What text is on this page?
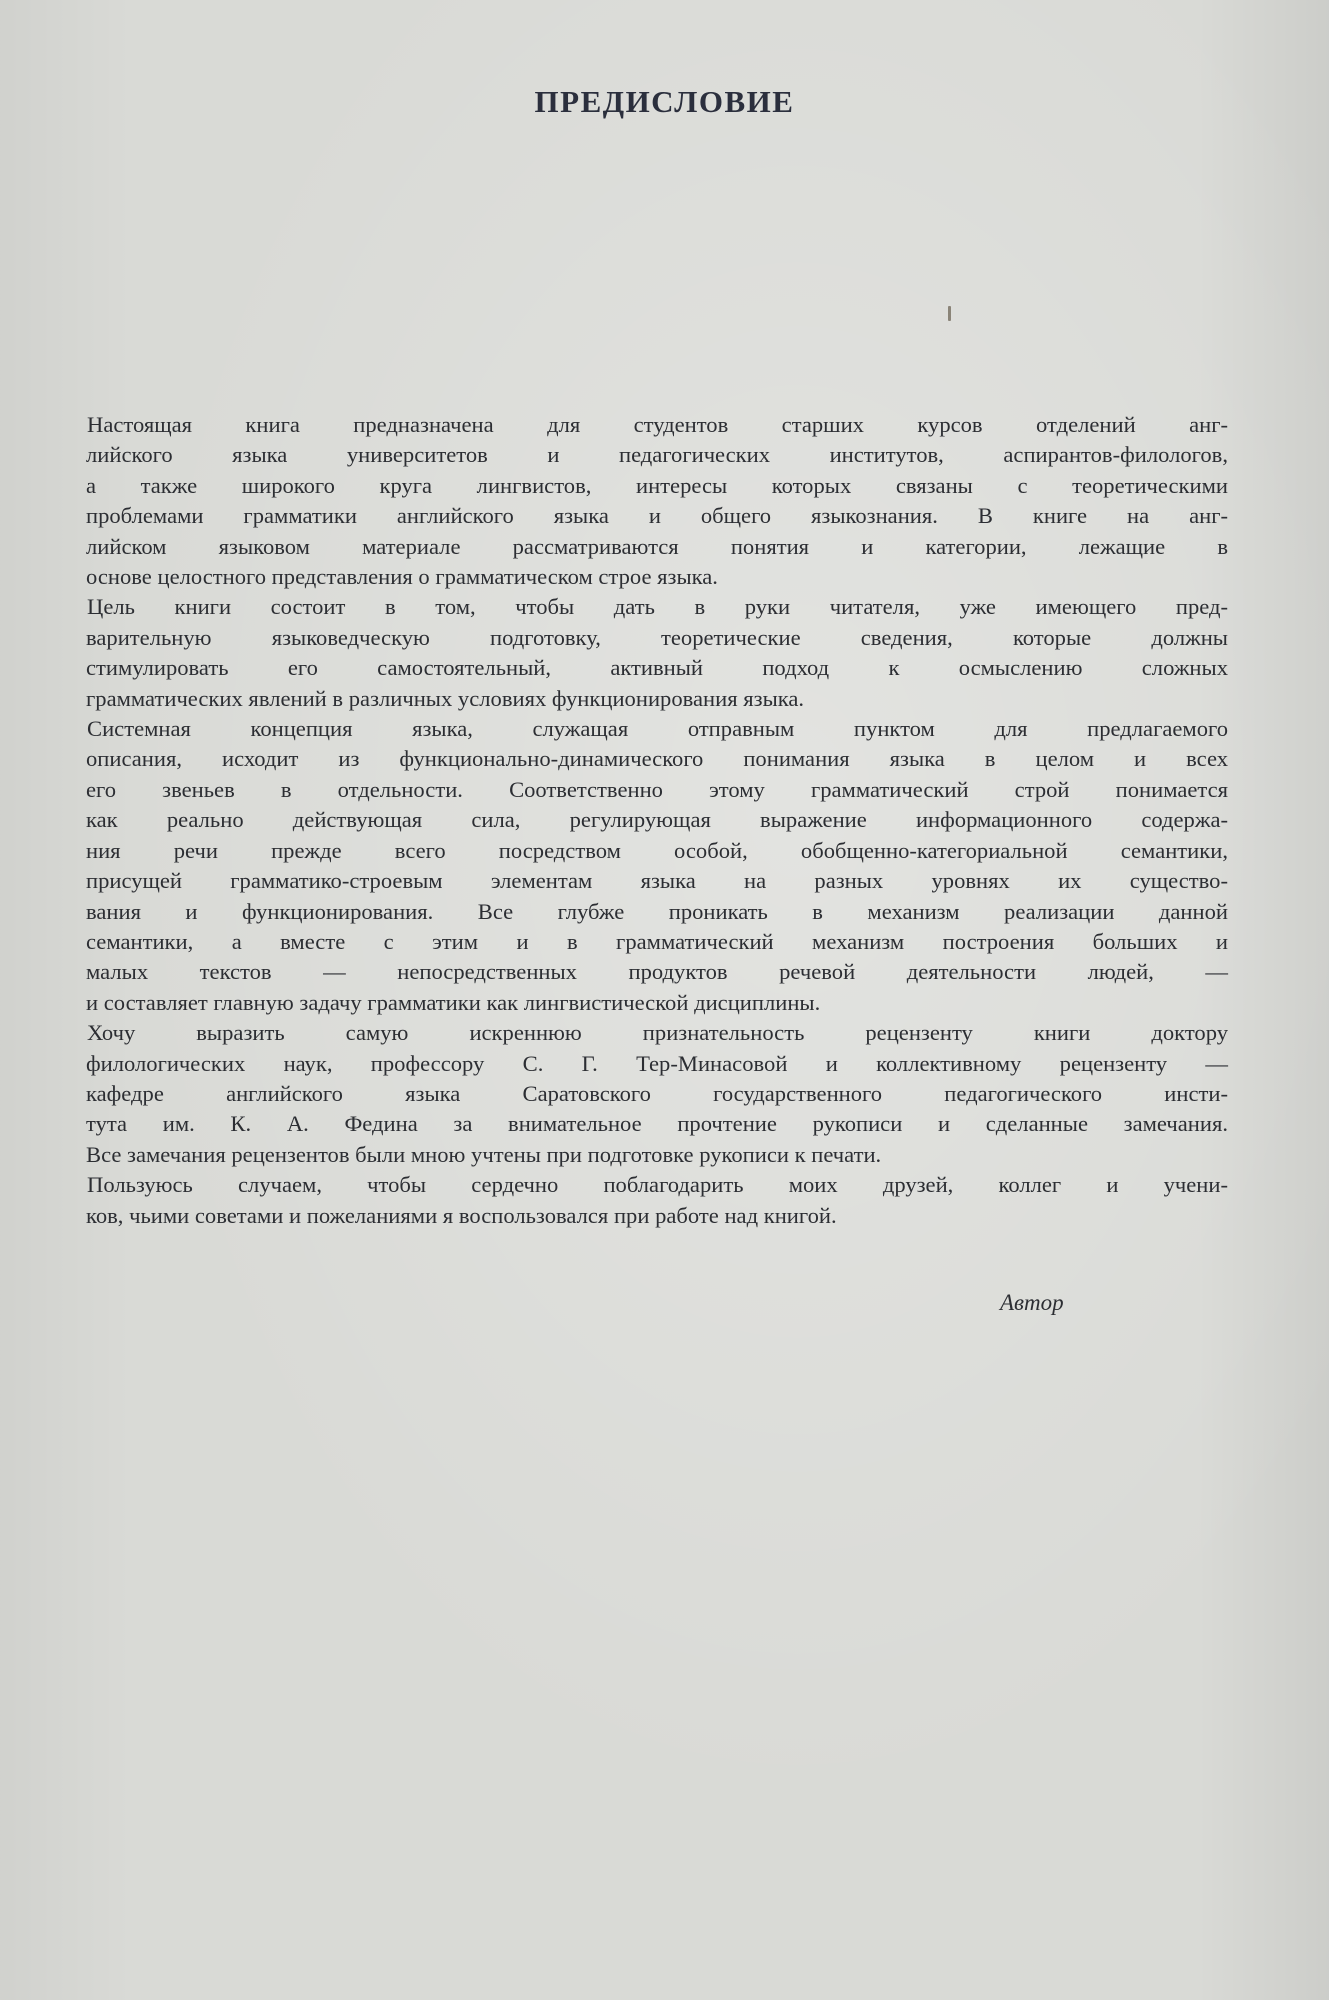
ПРЕДИСЛОВИЕ
Настоящая книга предназначена для студентов старших курсов отделений анг-
лийского языка университетов и педагогических институтов, аспирантов-филологов,
а также широкого круга лингвистов, интересы которых связаны с теоретическими
проблемами грамматики английского языка и общего языкознания. В книге на анг-
лийском языковом материале рассматриваются понятия и категории, лежащие в
основе целостного представления о грамматическом строе языка.
Цель книги состоит в том, чтобы дать в руки читателя, уже имеющего пред-
варительную языковедческую подготовку, теоретические сведения, которые должны
стимулировать его самостоятельный, активный подход к осмыслению сложных
грамматических явлений в различных условиях функционирования языка.
Системная концепция языка, служащая отправным пунктом для предлагаемого
описания, исходит из функционально-динамического понимания языка в целом и всех
его звеньев в отдельности. Соответственно этому грамматический строй понимается
как реально действующая сила, регулирующая выражение информационного содержа-
ния речи прежде всего посредством особой, обобщенно-категориальной семантики,
присущей грамматико-строевым элементам языка на разных уровнях их существо-
вания и функционирования. Все глубже проникать в механизм реализации данной
семантики, а вместе с этим и в грамматический механизм построения больших и
малых текстов — непосредственных продуктов речевой деятельности людей, —
и составляет главную задачу грамматики как лингвистической дисциплины.
Хочу выразить самую искреннюю признательность рецензенту книги доктору
филологических наук, профессору С. Г. Тер-Минасовой и коллективному рецензенту —
кафедре английского языка Саратовского государственного педагогического инсти-
тута им. К. А. Федина за внимательное прочтение рукописи и сделанные замечания.
Все замечания рецензентов были мною учтены при подготовке рукописи к печати.
Пользуюсь случаем, чтобы сердечно поблагодарить моих друзей, коллег и учени-
ков, чьими советами и пожеланиями я воспользовался при работе над книгой.
Автор
